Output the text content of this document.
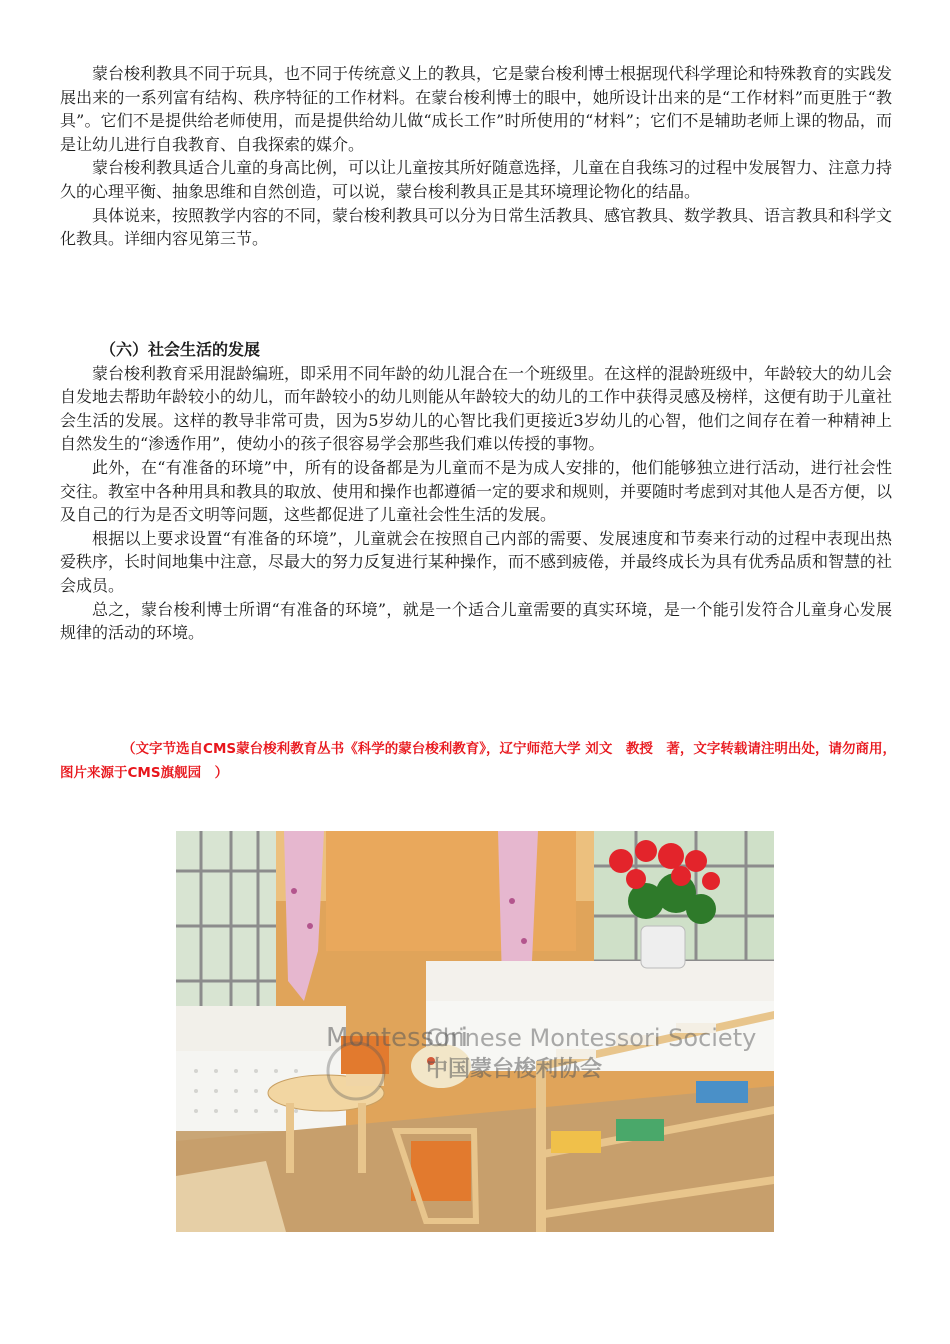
蒙台梭利教具不同于玩具，也不同于传统意义上的教具，它是蒙台梭利博士根据现代科学理论和特殊教育的实践发展出来的一系列富有结构、秩序特征的工作材料。在蒙台梭利博士的眼中，她所设计出来的是“工作材料”而更胜于“教具”。它们不是提供给老师使用，而是提供给幼儿做“成长工作”时所使用的“材料”；它们不是辅助老师上课的物品，而是让幼儿进行自我教育、自我探索的媒介。

蒙台梭利教具适合儿童的身高比例，可以让儿童按其所好随意选择，儿童在自我练习的过程中发展智力、注意力持久的心理平衡、抽象思维和自然创造，可以说，蒙台梭利教具正是其环境理论物化的结晶。

具体说来，按照教学内容的不同，蒙台梭利教具可以分为日常生活教具、感官教具、数学教具、语言教具和科学文化教具。详细内容见第三节。

（六）社会生活的发展

蒙台梭利教育采用混龄编班，即采用不同年龄的幼儿混合在一个班级里。在这样的混龄班级中，年龄较大的幼儿会自发地去帮助年龄较小的幼儿，而年龄较小的幼儿则能从年龄较大的幼儿的工作中获得灵感及榜样，这便有助于儿童社会生活的发展。这样的教导非常可贵，因为5岁幼儿的心智比我们更接近3岁幼儿的心智，他们之间存在着一种精神上自然发生的“渗透作用”，使幼小的孩子很容易学会那些我们难以传授的事物。

此外，在“有准备的环境”中，所有的设备都是为儿童而不是为成人安排的，他们能够独立进行活动，进行社会性交往。教室中各种用具和教具的取放、使用和操作也都遵循一定的要求和规则，并要随时考虑到对其他人是否方便，以及自己的行为是否文明等问题，这些都促进了儿童社会性生活的发展。

根据以上要求设置“有准备的环境”，儿童就会在按照自己内部的需要、发展速度和节奏来行动的过程中表现出热爱秩序，长时间地集中注意，尽最大的努力反复进行某种操作，而不感到疲倦，并最终成长为具有优秀品质和智慧的社会成员。

总之，蒙台梭利博士所谓“有准备的环境”，就是一个适合儿童需要的真实环境，是一个能引发符合儿童身心发展规律的活动的环境。

（文字节选自CMS蒙台梭利教育丛书《科学的蒙台梭利教育》，辽宁师范大学 刘文　教授　著，文字转载请注明出处，请勿商用，图片来源于CMS旗舰园　）

Montessori
Chinese Montessori Society
中国蒙台梭利协会
